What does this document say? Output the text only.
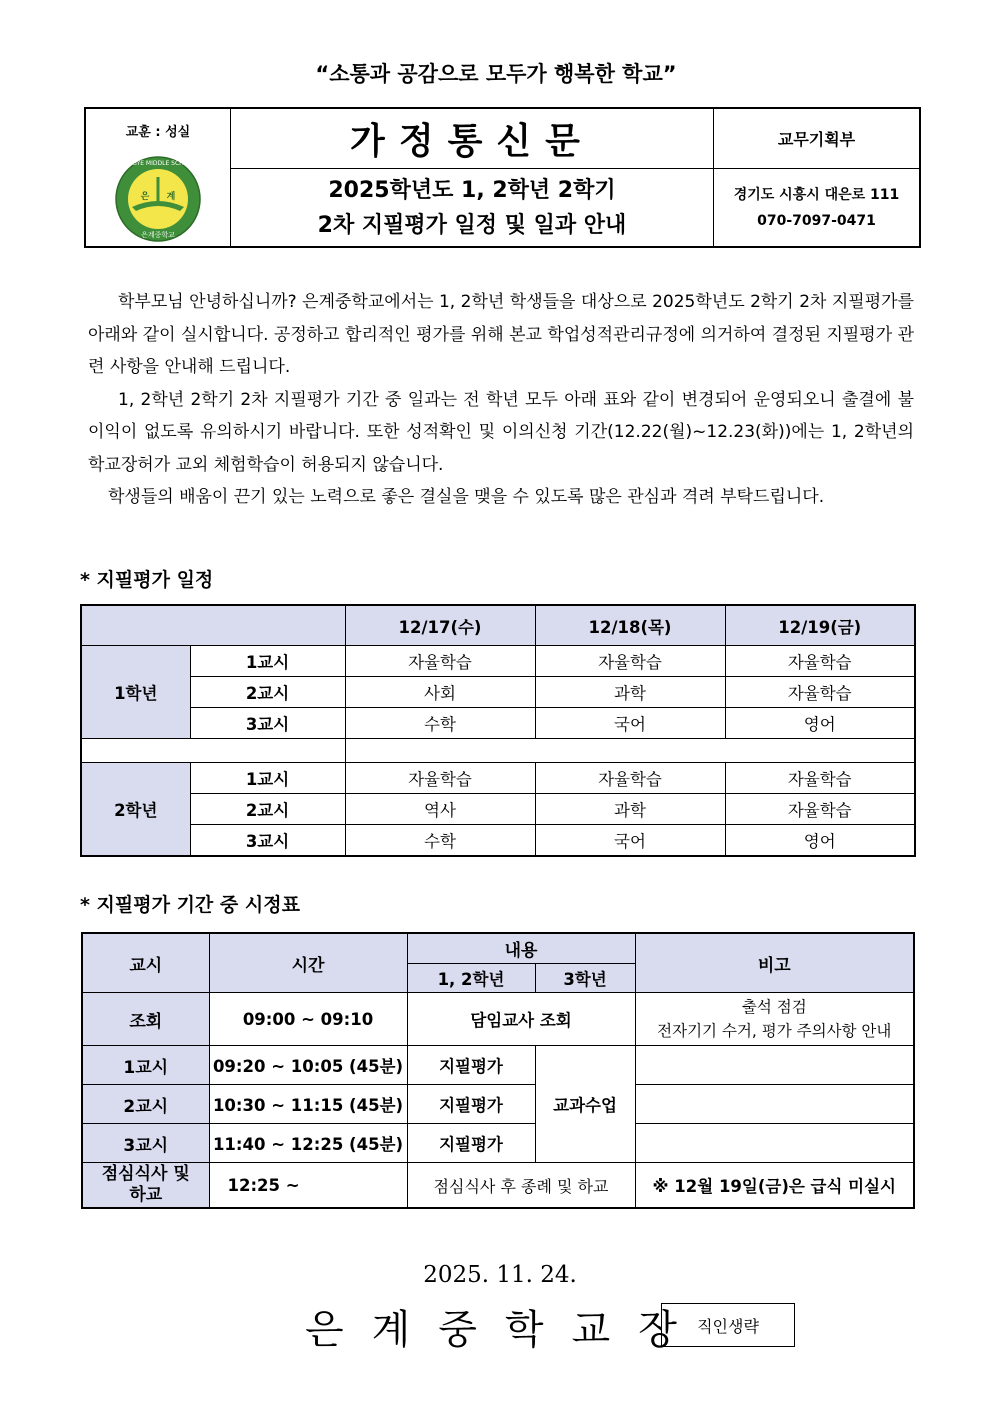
“소통과 공감으로 모두가 행복한 학교”
교훈 : 성실
EUNGYE MIDDLE SCHOOL
은 계
은계중학교
가정통신문
2025학년도 1, 2학년 2학기
2차 지필평가 일정 및 일과 안내
교무기획부
경기도 시흥시 대은로 111
070-7097-0471

학부모님 안녕하십니까? 은계중학교에서는 1, 2학년 학생들을 대상으로 2025학년도 2학기 2차 지필평가를 아래와 같이 실시합니다. 공정하고 합리적인 평가를 위해 본교 학업성적관리규정에 의거하여 결정된 지필평가 관련 사항을 안내해 드립니다.

1, 2학년 2학기 2차 지필평가 기간 중 일과는 전 학년 모두 아래 표와 같이 변경되어 운영되오니 출결에 불이익이 없도록 유의하시기 바랍니다. 또한 성적확인 및 이의신청 기간(12.22(월)~12.23(화))에는 1, 2학년의 학교장허가 교외 체험학습이 허용되지 않습니다.

학생들의 배움이 끈기 있는 노력으로 좋은 결실을 맺을 수 있도록 많은 관심과 격려 부탁드립니다.

* 지필평가 일정
		12/17(수)	12/18(목)	12/19(금)
1학년	1교시	자율학습	자율학습	자율학습
	2교시	사회	과학	자율학습
	3교시	수학	국어	영어

2학년	1교시	자율학습	자율학습	자율학습
	2교시	역사	과학	자율학습
	3교시	수학	국어	영어
* 지필평가 기간 중 시정표
교시	시간	내용		비고
		1, 2학년	3학년	
조회	09:00 ~ 09:10	담임교사 조회		출석 점검
전자기기 수거, 평가 주의사항 안내

1교시	09:20 ~ 10:05 (45분)	지필평가	교과수업	
2교시	10:30 ~ 11:15 (45분)	지필평가		
3교시	11:40 ~ 12:25 (45분)	지필평가		

점심식사 및
하교	12:25 ~	점심식사 후 종례 및 하교		※ 12월 19일(금)은 급식 미실시
2025. 11. 24.
은계중학교장
직인생략
